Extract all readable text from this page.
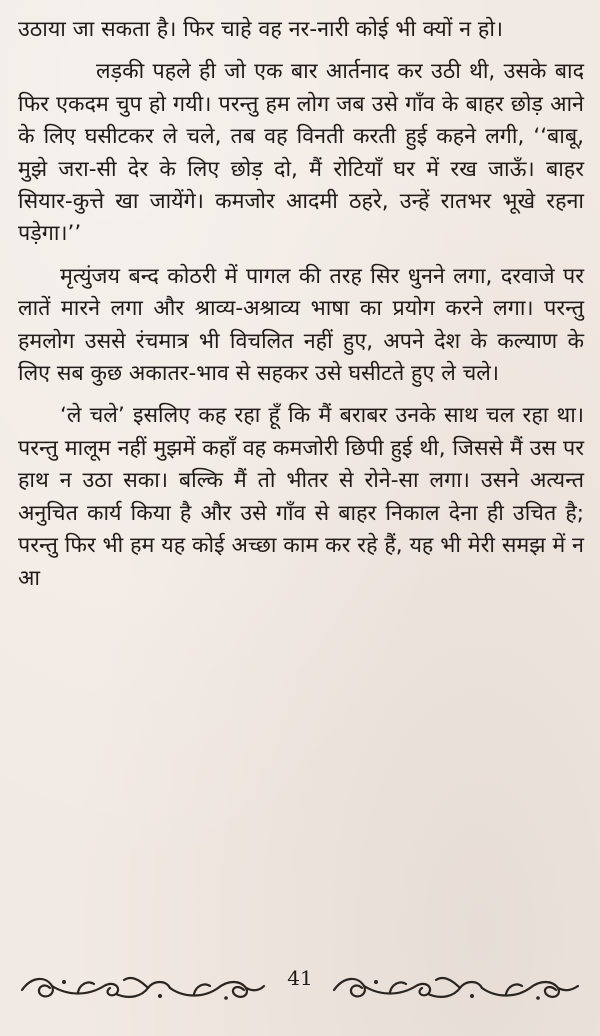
उठाया जा सकता है। फिर चाहे वह नर-नारी कोई भी क्यों न हो।

लड़की पहले ही जो एक बार आर्तनाद कर उठी थी, उसके बाद फिर एकदम चुप हो गयी। परन्तु हम लोग जब उसे गाँव के बाहर छोड़ आने के लिए घसीटकर ले चले, तब वह विनती करती हुई कहने लगी, ‘‘बाबू, मुझे जरा-सी देर के लिए छोड़ दो, मैं रोटियाँ घर में रख जाऊँ। बाहर सियार-कुत्ते खा जायेंगे। कमजोर आदमी ठहरे, उन्हें रातभर भूखे रहना पड़ेगा।’’

मृत्युंजय बन्द कोठरी में पागल की तरह सिर धुनने लगा, दरवाजे पर लातें मारने लगा और श्राव्य-अश्राव्य भाषा का प्रयोग करने लगा। परन्तु हमलोग उससे रंचमात्र भी विचलित नहीं हुए, अपने देश के कल्याण के लिए सब कुछ अकातर-भाव से सहकर उसे घसीटते हुए ले चले।

‘ले चले’ इसलिए कह रहा हूँ कि मैं बराबर उनके साथ चल रहा था। परन्तु मालूम नहीं मुझमें कहाँ वह कमजोरी छिपी हुई थी, जिससे मैं उस पर हाथ न उठा सका। बल्कि मैं तो भीतर से रोने-सा लगा। उसने अत्यन्त अनुचित कार्य किया है और उसे गाँव से बाहर निकाल देना ही उचित है; परन्तु फिर भी हम यह कोई अच्छा काम कर रहे हैं, यह भी मेरी समझ में न आ

41
